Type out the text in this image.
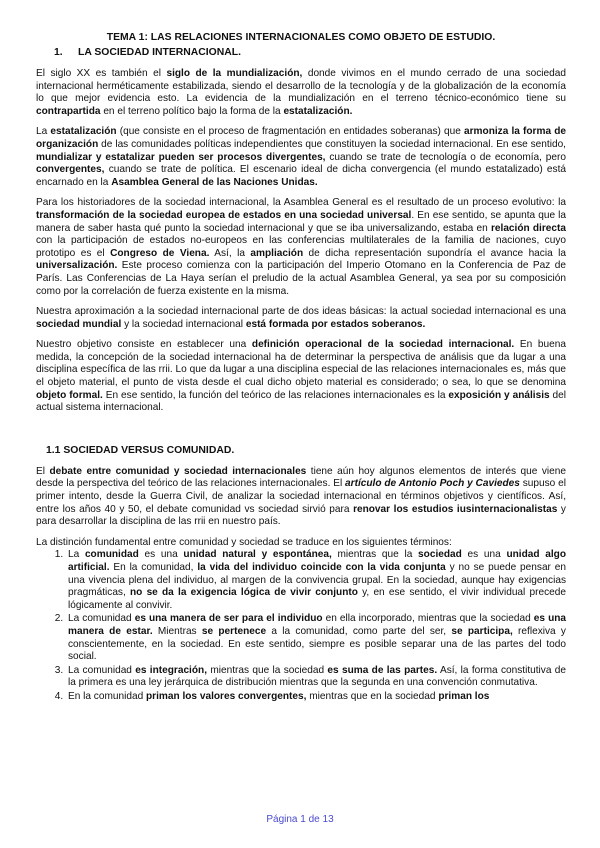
TEMA 1: LAS RELACIONES INTERNACIONALES COMO OBJETO DE ESTUDIO.
1. LA SOCIEDAD INTERNACIONAL.

El siglo XX es también el siglo de la mundialización, donde vivimos en el mundo cerrado de una sociedad internacional herméticamente estabilizada, siendo el desarrollo de la tecnología y de la globalización de la economía lo que mejor evidencia esto. La evidencia de la mundialización en el terreno técnico-económico tiene su contrapartida en el terreno político bajo la forma de la estatalización.

La estatalización (que consiste en el proceso de fragmentación en entidades soberanas) que armoniza la forma de organización de las comunidades políticas independientes que constituyen la sociedad internacional. En ese sentido, mundializar y estatalizar pueden ser procesos divergentes, cuando se trate de tecnología o de economía, pero convergentes, cuando se trate de política. El escenario ideal de dicha convergencia (el mundo estatalizado) está encarnado en la Asamblea General de las Naciones Unidas.

Para los historiadores de la sociedad internacional, la Asamblea General es el resultado de un proceso evolutivo: la transformación de la sociedad europea de estados en una sociedad universal. En ese sentido, se apunta que la manera de saber hasta qué punto la sociedad internacional y que se iba universalizando, estaba en relación directa con la participación de estados no-europeos en las conferencias multilaterales de la familia de naciones, cuyo prototipo es el Congreso de Viena. Así, la ampliación de dicha representación supondría el avance hacia la universalización. Este proceso comienza con la participación del Imperio Otomano en la Conferencia de Paz de París. Las Conferencias de La Haya serían el preludio de la actual Asamblea General, ya sea por su composición como por la correlación de fuerza existente en la misma.

Nuestra aproximación a la sociedad internacional parte de dos ideas básicas: la actual sociedad internacional es una sociedad mundial y la sociedad internacional está formada por estados soberanos.

Nuestro objetivo consiste en establecer una definición operacional de la sociedad internacional. En buena medida, la concepción de la sociedad internacional ha de determinar la perspectiva de análisis que da lugar a una disciplina específica de las rrii. Lo que da lugar a una disciplina especial de las relaciones internacionales es, más que el objeto material, el punto de vista desde el cual dicho objeto material es considerado; o sea, lo que se denomina objeto formal. En ese sentido, la función del teórico de las relaciones internacionales es la exposición y análisis del actual sistema internacional.

1.1 SOCIEDAD VERSUS COMUNIDAD.

El debate entre comunidad y sociedad internacionales tiene aún hoy algunos elementos de interés que viene desde la perspectiva del teórico de las relaciones internacionales. El artículo de Antonio Poch y Caviedes supuso el primer intento, desde la Guerra Civil, de analizar la sociedad internacional en términos objetivos y científicos. Así, entre los años 40 y 50, el debate comunidad vs sociedad sirvió para renovar los estudios iusinternacionalistas y para desarrollar la disciplina de las rrii en nuestro país.

La distinción fundamental entre comunidad y sociedad se traduce en los siguientes términos:

1. La comunidad es una unidad natural y espontánea, mientras que la sociedad es una unidad algo artificial. En la comunidad, la vida del individuo coincide con la vida conjunta y no se puede pensar en una vivencia plena del individuo, al margen de la convivencia grupal. En la sociedad, aunque hay exigencias pragmáticas, no se da la exigencia lógica de vivir conjunto y, en ese sentido, el vivir individual precede lógicamente al convivir.
2. La comunidad es una manera de ser para el individuo en ella incorporado, mientras que la sociedad es una manera de estar. Mientras se pertenece a la comunidad, como parte del ser, se participa, reflexiva y conscientemente, en la sociedad. En este sentido, siempre es posible separar una de las partes del todo social.
3. La comunidad es integración, mientras que la sociedad es suma de las partes. Así, la forma constitutiva de la primera es una ley jerárquica de distribución mientras que la segunda en una convención conmutativa.
4. En la comunidad priman los valores convergentes, mientras que en la sociedad priman los
Página 1 de 13
